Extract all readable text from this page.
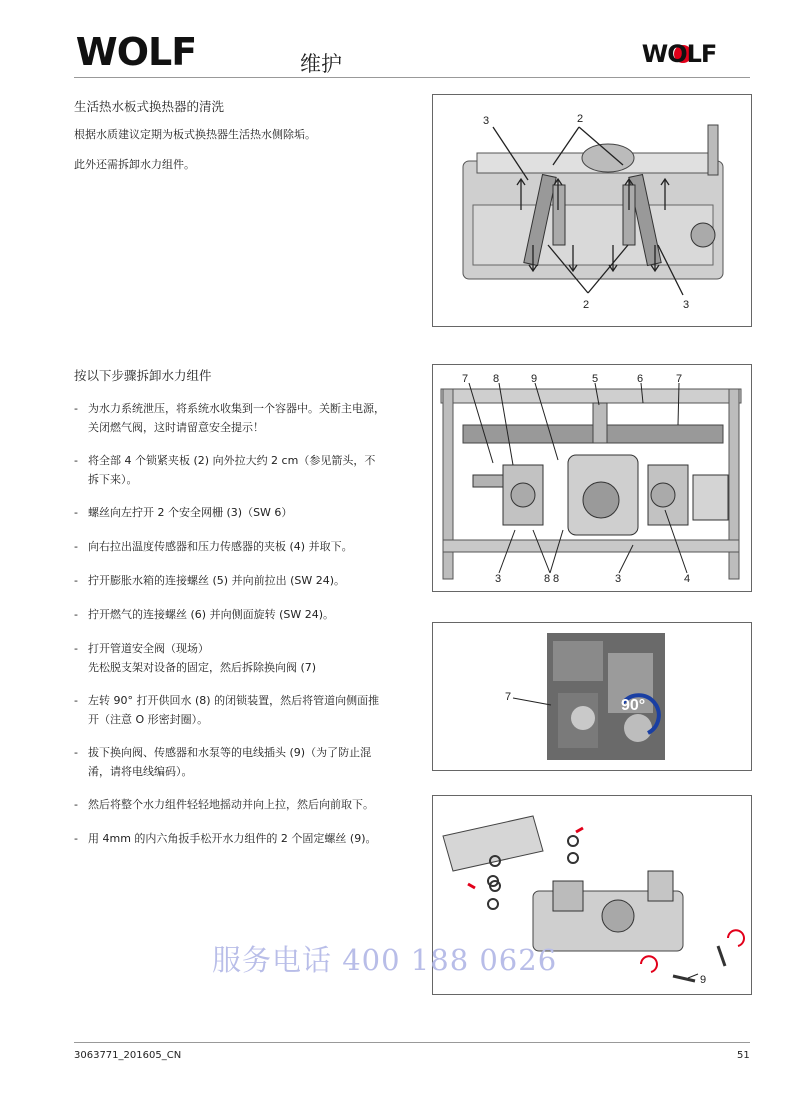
WOLF	维护	WOLF
生活热水板式换热器的清洗
根据水质建议定期为板式换热器生活热水侧除垢。
此外还需拆卸水力组件。
3	2
2	3
按以下步骤拆卸水力组件
- 为水力系统泄压，将系统水收集到一个容器中。关断主电源，
关闭燃气阀，这时请留意安全提示！
- 将全部 4 个锁紧夹板 (2) 向外拉大约 2 cm（参见箭头，不
拆下来）。
- 螺丝向左拧开 2 个安全网栅 (3)（SW 6）
- 向右拉出温度传感器和压力传感器的夹板 (4) 并取下。
- 拧开膨胀水箱的连接螺丝 (5) 并向前拉出 (SW 24)。
- 拧开燃气的连接螺丝 (6) 并向侧面旋转 (SW 24)。
- 打开管道安全阀（现场）
先松脱支架对设备的固定，然后拆除换向阀 (7)
- 左转 90° 打开供回水 (8) 的闭锁装置，然后将管道向侧面推
开（注意 O 形密封圈）。
- 拔下换向阀、传感器和水泵等的电线插头 (9)（为了防止混
淆，请将电线编码）。
- 然后将整个水力组件轻轻地摇动并向上拉，然后向前取下。
- 用 4mm 的内六角扳手松开水力组件的 2 个固定螺丝 (9)。
7 8	9	5	6	7
3	8 8	3	4
7	90°
9
服务电话 400 188 0626
3063771_201605_CN	51
